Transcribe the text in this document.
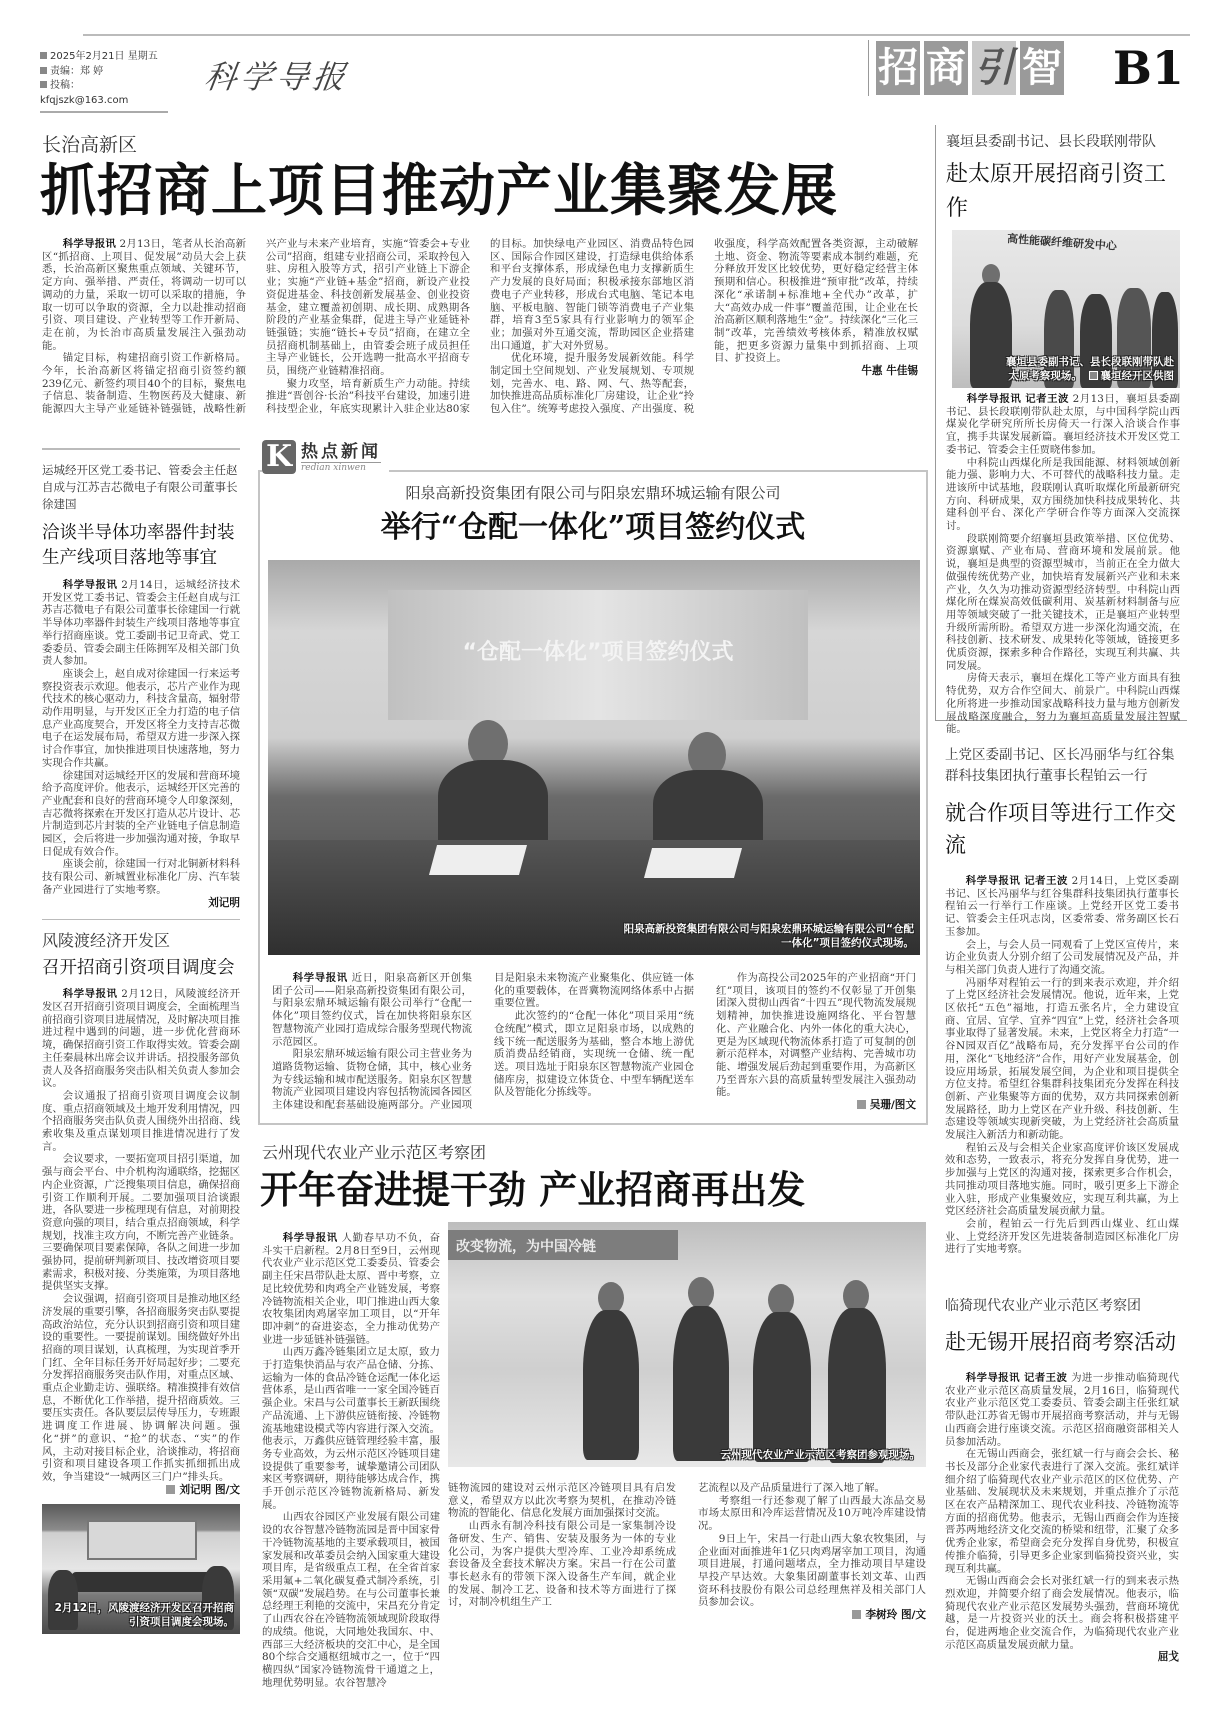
2025年2月21日 星期五
责编：郑 婷
投稿：kfqjszk@163.com
科学导报	招 商 引 智 B1
长治高新区
抓招商上项目推动产业集聚发展

科学导报讯 2月13日，笔者从长治高新区“抓招商、上项目、促发展”动员大会上获悉，长治高新区聚焦重点领域、关键环节，定方向、强举措、严责任，将调动一切可以调动的力量，采取一切可以采取的措施，争取一切可以争取的资源，全力以赴推动招商引资、项目建设、产业转型等工作开新局、走在前，为长治市高质量发展注入强劲动能。

锚定目标，构建招商引资工作新格局。今年，长治高新区将锚定招商引资签约额239亿元、新签约项目40个的目标，聚焦电子信息、装备制造、生物医药及大健康、新能源四大主导产业延链补链强链，战略性新兴产业与未来产业培育，实施“管委会+专业公司”招商，组建专业招商公司，采取拎包入驻、房租入股等方式，招引产业链上下游企业；实施“产业链+基金”招商，新设产业投资促进基金、科技创新发展基金、创业投资基金，建立覆盖初创期、成长期、成熟期各阶段的产业基金集群，促进主导产业延链补链强链；实施“链长+专员”招商，在建立全员招商机制基础上，由管委会班子成员担任主导产业链长，公开选聘一批高水平招商专员，围绕产业链精准招商。

聚力攻坚，培育新质生产力动能。持续推进“晋创谷·长治”科技平台建设，加速引进科技型企业，年底实现累计入驻企业达80家的目标。加快绿电产业园区、消费品特色园区、国际合作园区建设，打造绿电供给体系和平台支撑体系，形成绿色电力支撑新质生产力发展的良好局面；积极承接东部地区消费电子产业转移，形成台式电脑、笔记本电脑、平板电脑、智能门锁等消费电子产业集群，培育3至5家具有行业影响力的领军企业；加强对外互通交流，帮助园区企业搭建出口通道，扩大对外贸易。

优化环境，提升服务发展新效能。科学制定国土空间规划、产业发展规划、专项规划，完善水、电、路、网、气、热等配套，加快推进高品质标准化厂房建设，让企业“拎包入住”。统筹考虑投入强度、产出强度、税收强度，科学高效配置各类资源，主动破解土地、资金、物流等要素成本制约难题，充分释放开发区比较优势，更好稳定经营主体预期和信心。积极推进“预审批”改革，持续深化“承诺制+标准地+全代办”改革，扩大“高效办成一件事”覆盖范围，让企业在长治高新区顺利落地生“金”。持续深化“三化三制”改革，完善绩效考核体系，精准放权赋能，把更多资源力量集中到抓招商、上项目、扩投资上。

牛惠 牛佳锡
运城经开区党工委书记、管委会主任赵自成与江苏吉芯微电子有限公司董事长徐建国
洽谈半导体功率器件封装生产线项目落地等事宜

科学导报讯 2月14日，运城经济技术开发区党工委书记、管委会主任赵自成与江苏吉芯微电子有限公司董事长徐建国一行就半导体功率器件封装生产线项目落地等事宜举行招商座谈。党工委副书记卫奇武、党工委委员、管委会副主任陈拥军及相关部门负责人参加。

座谈会上，赵自成对徐建国一行来运考察投资表示欢迎。他表示，芯片产业作为现代技术的核心驱动力，科技含量高，辐射带动作用明显，与开发区正全力打造的电子信息产业高度契合，开发区将全力支持吉芯微电子在运发展布局，希望双方进一步深入探讨合作事宜，加快推进项目快速落地，努力实现合作共赢。

徐建国对运城经开区的发展和营商环境给予高度评价。他表示，运城经开区完善的产业配套和良好的营商环境令人印象深刻，吉芯微将探索在开发区打造从芯片设计、芯片制造到芯片封装的全产业链电子信息制造园区，会后将进一步加强沟通对接，争取早日促成有效合作。

座谈会前，徐建国一行对北铜新材料科技有限公司、新城置业标准化厂房、汽车装备产业园进行了实地考察。

刘记明
风陵渡经济开发区
召开招商引资项目调度会

科学导报讯 2月12日，风陵渡经济开发区召开招商引资项目调度会，全面梳理当前招商引资项目进展情况，及时解决项目推进过程中遇到的问题，进一步优化营商环境，确保招商引资工作取得实效。管委会副主任秦晨林出席会议并讲话。招投服务部负责人及各招商服务突击队相关负责人参加会议。

会议通报了招商引资项目调度会议制度、重点招商领域及土地开发利用情况，四个招商服务突击队负责人围绕外出招商、线索收集及重点谋划项目推进情况进行了发言。

会议要求，一要拓宽项目招引渠道，加强与商会平台、中介机构沟通联络，挖掘区内企业资源，广泛搜集项目信息，确保招商引资工作顺利开展。二要加强项目洽谈跟进，各队要进一步梳理现有信息，对前期投资意向强的项目，结合重点招商领域，科学规划，找准主攻方向，不断完善产业链条。三要确保项目要素保障，各队之间进一步加强协同，提前研判新项目、技改增资项目要素需求，积极对接、分类施策，为项目落地提供坚实支撑。

会议强调，招商引资项目是推动地区经济发展的重要引擎，各招商服务突击队要提高政治站位，充分认识到招商引资和项目建设的重要性。一要提前谋划。围绕做好外出招商的项目谋划，认真梳理，为实现首季开门红、全年目标任务开好局起好步；二要充分发挥招商服务突击队作用，对重点区域、重点企业勤走访、强联络。精准摸排有效信息，不断优化工作举措，提升招商质效。三要压实责任。各队要层层传导压力，专班跟进调度工作进展、协调解决问题。强化“拼”的意识、“抢”的状态、“实”的作风，主动对接目标企业，洽谈推动，将招商引资和项目建设各项工作抓实抓细抓出成效，争当建设“一城两区三门户”排头兵。

刘记明 图/文
2月12日，风陵渡经济开发区召开招商引资项目调度会现场。
K 热点新闻
redian xinwen
阳泉高新投资集团有限公司与阳泉宏鼎环城运输有限公司
举行“仓配一体化”项目签约仪式
“仓配一体化”项目签约仪式
阳泉高新投资集团有限公司与阳泉宏鼎环城运输有限公司“仓配一体化”项目签约仪式现场。

科学导报讯 近日，阳泉高新区开创集团子公司——阳泉高新投资集团有限公司，与阳泉宏鼎环城运输有限公司举行“仓配一体化”项目签约仪式，旨在加快将阳泉东区智慧物流产业园打造成综合服务型现代物流示范园区。

阳泉宏鼎环城运输有限公司主营业务为道路货物运输、货物仓储，其中，核心业务为专线运输和城市配送服务。阳泉东区智慧物流产业园项目建设内容包括物流园各园区主体建设和配套基础设施两部分。产业园项目是阳泉未来物流产业聚集化、供应链一体化的重要载体，在晋冀物流网络体系中占据重要位置。

此次签约的“仓配一体化”项目采用“统仓统配”模式，即立足阳泉市场，以成熟的线下统一配送服务为基础，整合本地上游优质消费品经销商，实现统一仓储、统一配送。项目选址于阳泉东区智慧物流产业园仓储库房，拟建设立体货仓、中型车辆配送车队及智能化分拣线等。

作为高投公司2025年的产业招商“开门红”项目，该项目的签约不仅彰显了开创集团深入贯彻山西省“十四五”现代物流发展规划精神，加快推进设施网络化、平台智慧化、产业融合化、内外一体化的重大决心，更是为区域现代物流体系打造了可复制的创新示范样本，对调整产业结构、完善城市功能、增强发展后劲起到重要作用，为高新区乃至晋东六县的高质量转型发展注入强劲动能。

吴珊/图文
云州现代农业产业示范区考察团
开年奋进提干劲 产业招商再出发

科学导报讯 人勤春早功不负，奋斗实干启新程。2月8日至9日，云州现代农业产业示范区党工委委员、管委会副主任宋昌带队赴太原、晋中考察，立足比较优势和肉鸡全产业链发展，考察冷链物流相关企业，叩门推进山西大象农牧集团肉鸡屠宰加工项目，以“开年即冲刺”的奋进姿态，全力推动优势产业进一步延链补链强链。

山西万鑫冷链集团立足太原，致力于打造集快消品与农产品仓储、分拣、运输为一体的食品冷链仓运配一体化运营体系，是山西省唯一一家全国冷链百强企业。宋昌与公司董事长王新跃围绕产品流通、上下游供应链衔接、冷链物流基地建设模式等内容进行深入交流。他表示，万鑫供应链管理经验丰富，服务专业高效，为云州示范区冷链项目建设提供了重要参考，诚挚邀请公司团队来区考察调研，期待能够达成合作，携手开创示范区冷链物流新格局、新发展。

山西农谷园区产业发展有限公司建设的农谷智慧冷链物流园是晋中国家骨干冷链物流基地的主要承载项目，被国家发展和改革委员会纳入国家重大建设项目库，是省级重点工程，在全省首家采用氟+二氧化碳复叠式制冷系统，引领“双碳”发展趋势。在与公司董事长兼总经理王利艳的交流中，宋昌充分肯定了山西农谷在冷链物流领域现阶段取得的成绩。他说，大同地处我国东、中、西部三大经济板块的交汇中心，是全国80个综合交通枢纽城市之一，位于“四横四纵”国家冷链物流骨干通道之上，地理优势明显。农谷智慧冷

改变物流，为中国冷链
云州现代农业产业示范区考察团参观现场。

链物流园的建设对云州示范区冷链项目具有启发意义，希望双方以此次考察为契机，在推动冷链物流的智能化、信息化发展方面加强探讨交流。

山西永有制冷科技有限公司是一家集制冷设备研发、生产、销售、安装及服务为一体的专业化公司，为客户提供大型冷库、工业冷却系统成套设备及全套技术解决方案。宋昌一行在公司董事长赵永有的带领下深入设备生产车间，就企业的发展、制冷工艺、设备和技术等方面进行了探讨，对制冷机组生产工

艺流程以及产品质量进行了深入地了解。

考察组一行还参观了解了山西最大冻品交易市场太原田和冷库运营情况及10万吨冷库建设情况。

9日上午，宋昌一行赴山西大象农牧集团，与企业面对面推进年1亿只肉鸡屠宰加工项目，沟通项目进展，打通问题堵点，全力推动项目早建设早投产早达效。大象集团副董事长刘文革、山西资环科技股份有限公司总经理焦祥及相关部门人员参加会议。

李树玲 图/文
襄垣县委副书记、县长段联刚带队
赴太原开展招商引资工作
高性能碳纤维研发中心
襄垣县委副书记、县长段联刚带队赴太原考察现场。 襄垣经开区供图

科学导报讯 记者王波 2月13日，襄垣县委副书记、县长段联刚带队赴太原，与中国科学院山西煤炭化学研究所所长房倚天一行深入洽谈合作事宜，携手共谋发展新篇。襄垣经济技术开发区党工委书记、管委会主任贾晓伟参加。

中科院山西煤化所是我国能源、材料领域创新能力强、影响力大、不可替代的战略科技力量。走进该所中试基地，段联刚认真听取煤化所最新研究方向、科研成果，双方围绕加快科技成果转化、共建科创平台、深化产学研合作等方面深入交流探讨。

段联刚简要介绍襄垣县政策举措、区位优势、资源禀赋、产业布局、营商环境和发展前景。他说，襄垣是典型的资源型城市，当前正在全力做大做强传统优势产业，加快培育发展新兴产业和未来产业，久久为功推动资源型经济转型。中科院山西煤化所在煤炭高效低碳利用、炭基新材料制备与应用等领域突破了一批关键技术，正是襄垣产业转型升级所需所盼。希望双方进一步深化沟通交流，在科技创新、技术研发、成果转化等领域，链接更多优质资源，探索多种合作路径，实现互利共赢、共同发展。

房倚天表示，襄垣在煤化工等产业方面具有独特优势，双方合作空间大、前景广。中科院山西煤化所将进一步推动国家战略科技力量与地方创新发展战略深度融合，努力为襄垣高质量发展注智赋能。

上党区委副书记、区长冯丽华与红谷集群科技集团执行董事长程铂云一行
就合作项目等进行工作交流

科学导报讯 记者王波 2月14日，上党区委副书记、区长冯丽华与红谷集群科技集团执行董事长程铂云一行举行工作座谈。上党经开区党工委书记、管委会主任巩志岗，区委常委、常务副区长石玉参加。

会上，与会人员一同观看了上党区宣传片，来访企业负责人分别介绍了公司发展情况及产品，并与相关部门负责人进行了沟通交流。

冯丽华对程铂云一行的到来表示欢迎，并介绍了上党区经济社会发展情况。他说，近年来，上党区依托“五色”福地，打造五张名片，全力建设宜商、宜居、宜学、宜养“四宜”上党，经济社会各项事业取得了显著发展。未来，上党区将全力打造“一谷N园双百亿”战略布局，充分发挥平台公司的作用，深化“飞地经济”合作，用好产业发展基金，创设应用场景，拓展发展空间，为企业和项目提供全方位支持。希望红谷集群科技集团充分发挥在科技创新、产业集聚等方面的优势，双方共同探索创新发展路径，助力上党区在产业升级、科技创新、生态建设等领域实现新突破，为上党经济社会高质量发展注入新活力和新动能。

程铂云及与会相关企业家高度评价该区发展成效和态势，一致表示，将充分发挥自身优势，进一步加强与上党区的沟通对接，探索更多合作机会，共同推动项目落地实施。同时，吸引更多上下游企业入驻，形成产业集聚效应，实现互利共赢，为上党区经济社会高质量发展贡献力量。

会前，程铂云一行先后到西山煤业、红山煤业、上党经济开发区先进装备制造园区标准化厂房进行了实地考察。

临猗现代农业产业示范区考察团
赴无锡开展招商考察活动

科学导报讯 记者王波 为进一步推动临猗现代农业产业示范区高质量发展，2月16日，临猗现代农业产业示范区党工委委员、管委会副主任张红斌带队赴江苏省无锡市开展招商考察活动，并与无锡山西商会进行座谈交流。示范区招商融资部相关人员参加活动。

在无锡山西商会，张红斌一行与商会会长、秘书长及部分企业家代表进行了深入交流。张红斌详细介绍了临猗现代农业产业示范区的区位优势、产业基础、发展现状及未来规划，并重点推介了示范区在农产品精深加工、现代农业科技、冷链物流等方面的招商优势。他表示，无锡山西商会作为连接晋苏两地经济文化交流的桥梁和纽带，汇聚了众多优秀企业家，希望商会充分发挥自身优势，积极宣传推介临猗，引导更多企业家到临猗投资兴业，实现互利共赢。

无锡山西商会会长对张红斌一行的到来表示热烈欢迎，并简要介绍了商会发展情况。他表示，临猗现代农业产业示范区发展势头强劲，营商环境优越，是一片投资兴业的沃土。商会将积极搭建平台，促进两地企业交流合作，为临猗现代农业产业示范区高质量发展贡献力量。

屈戈
